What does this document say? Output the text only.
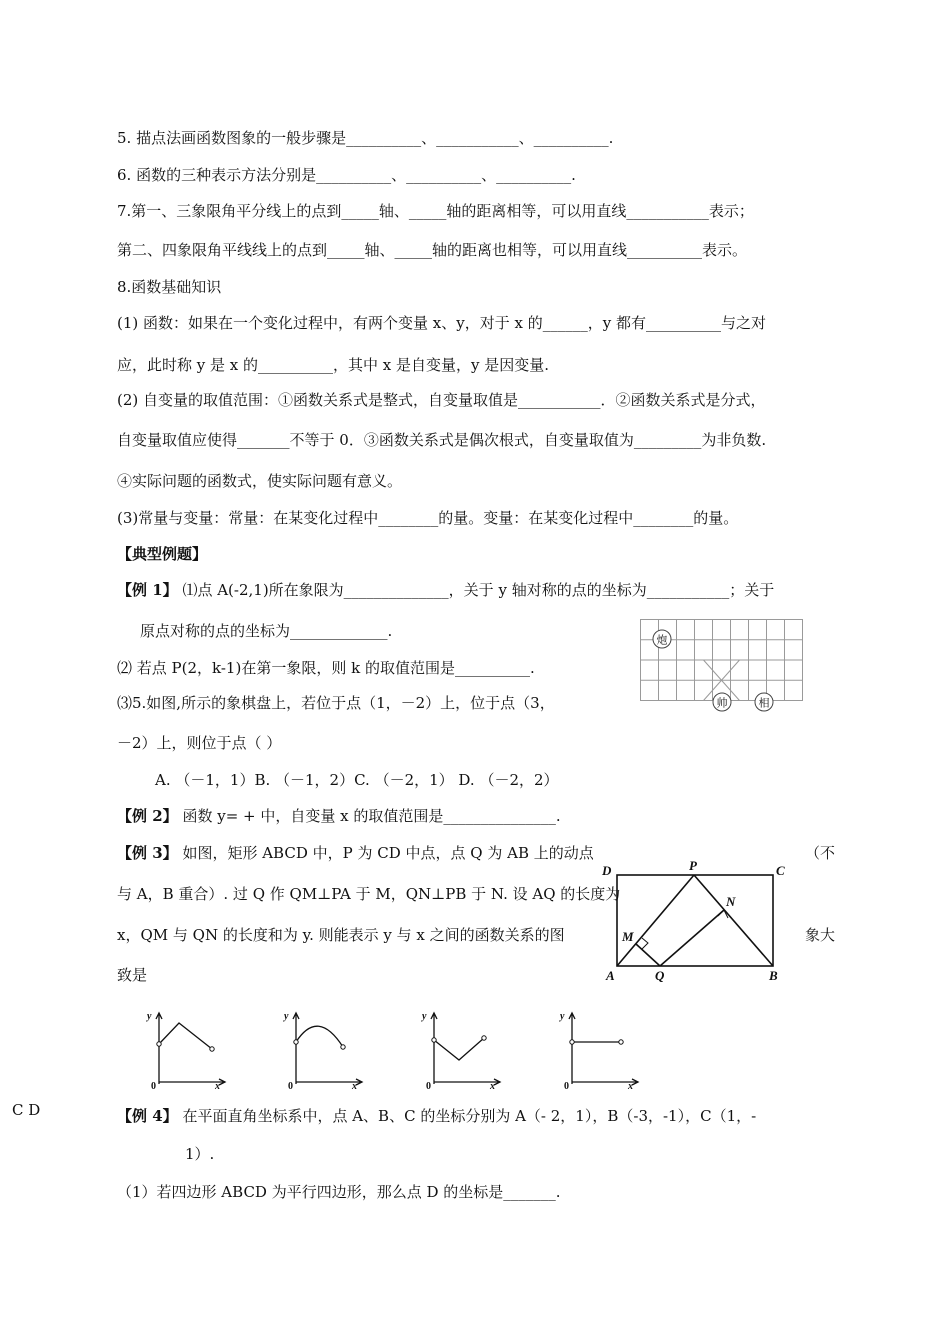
5. 描点法画函数图象的一般步骤是__________、___________、__________.
6. 函数的三种表示方法分别是__________、__________、__________.
7.第一、三象限角平分线上的点到_____轴、_____轴的距离相等，可以用直线___________表示；
第二、四象限角平线线上的点到_____轴、_____轴的距离也相等，可以用直线__________表示。
8.函数基础知识
(1) 函数：如果在一个变化过程中，有两个变量 x、y，对于 x 的______，y 都有__________与之对
应，此时称 y 是 x 的__________，其中 x 是自变量，y 是因变量.
(2) 自变量的取值范围：①函数关系式是整式，自变量取值是___________．②函数关系式是分式，
自变量取值应使得_______不等于 0．③函数关系式是偶次根式，自变量取值为_________为非负数.
④实际问题的函数式，使实际问题有意义。
(3)常量与变量：常量：在某变化过程中________的量。变量：在某变化过程中________的量。
【典型例题】
【例 1】 ⑴点 A(-2,1)所在象限为______________，关于 y 轴对称的点的坐标为___________；关于
原点对称的点的坐标为_____________.
⑵ 若点 P(2，k-1)在第一象限，则 k 的取值范围是__________.
⑶5.如图,所示的象棋盘上，若位于点（1，－2）上，位于点（3，
－2）上，则位于点（ ）
A. （－1，1）B. （－1，2）C. （－2，1） D. （－2，2）
【例 2】 函数 y= + 中，自变量 x 的取值范围是_______________.
【例 3】 如图，矩形 ABCD 中，P 为 CD 中点，点 Q 为 AB 上的动点	（不
与 A，B 重合）. 过 Q 作 QM⊥PA 于 M，QN⊥PB 于 N. 设 AQ 的长度为
x，QM 与 QN 的长度和为 y. 则能表示 y 与 x 之间的函数关系的图	象大
致是
C D	【例 4】 在平面直角坐标系中，点 A、B、C 的坐标分别为 A（- 2，1），B（-3，-1），C（1，-
1）.
（1）若四边形 ABCD 为平行四边形，那么点 D 的坐标是_______.
炮
帅	相
D	P	C
N
M
A	Q	B
y
x
0
y
x
0
y
x
0
y
x
0
